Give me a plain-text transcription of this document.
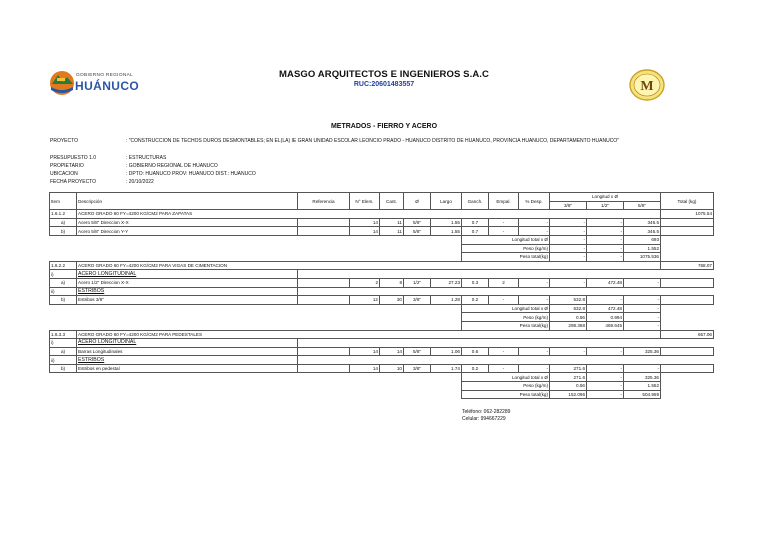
GOBIERNO REGIONAL
HUÁNUCO
MASGO ARQUITECTOS E INGENIEROS S.A.C
RUC:20601483557	M
METRADOS - FIERRO Y ACERO
PROYECTO	: "CONSTRUCCION DE TECHOS DUROS DESMONTABLES; EN EL(LA) IE GRAN UNIDAD ESCOLAR LEONCIO PRADO - HUANUCO DISTRITO DE HUANUCO, PROVINCIA HUANUCO, DEPARTAMENTO HUANUCO"
PRESUPUESTO 1.0	: ESTRUCTURAS
PROPIETARIO	: GOBIERNO REGIONAL DE HUANUCO
UBICACION	: DPTO: HUANUCO PROV: HUANUCO DIST.: HUANUCO
FECHA PROYECTO	: 20/10/2022
Item	Descripción	Referencia	N° Elem.	Cant.	Ø	Largo	Ganch.	Empal.	% Desp.	Longitud x Ø			Total (kg)
										3/8"	1/2"	5/8"	
1.6.1.2	ACERO GRADO 60 FY=4200 KG/CM2 PARA ZAPATAS												1075.54
a)	Acero 5/8" Direccion X-X		14	11	5/8"	1.55	0.7	-	-	-	-	346.5	
b)	Acero 5/8" Direccion Y-Y		14	11	5/8"	1.55	0.7	-	-	-	-	346.5	
							Longitud total x Ø			-	-	693	
							Peso (kg/m)			-	-	1.552	
							Peso total(kg)			-	-	1075.536	
1.6.2.2	ACERO GRADO 60 FY=4200 KG/CM2 PARA VIGAS DE CIMENTACION												768.07
i)	ACERO LONGITUDINAL												
a)	Acero 1/2" Direccion X-X		2	8	1/2"	27.23	0.3	2	-	-	472.48	-	
ii)	ESTRIBOS												
b)	Estribos 3/8"		12	30	3/8"	1.28	0.2	-	-	532.8	-	-	
							Longitud total x Ø			532.8	472.48	-	
							Peso (kg/m)			0.56	0.994	-	
							Peso total(kg)			298.368	469.645	-	
1.6.3.3	ACERO GRADO 60 FY=4200 KG/CM2 PARA PEDESTALES												657.06
i)	ACERO LONGITUDINAL												
a)	Barras Longitudinales		14	14	5/8"	1.06	0.6	-	-	-	-	325.36	
ii)	ESTRIBOS												
b)	Estribos en pedestal		14	10	3/8"	1.74	0.2	-	-	271.6	-	-	
							Longitud total x Ø			271.6	-	325.36	
							Peso (kg/m)			0.56	-	1.552	
							Peso total(kg)			152.096	-	504.959	
Teléfono: 062-282289
Celular: 994667229
